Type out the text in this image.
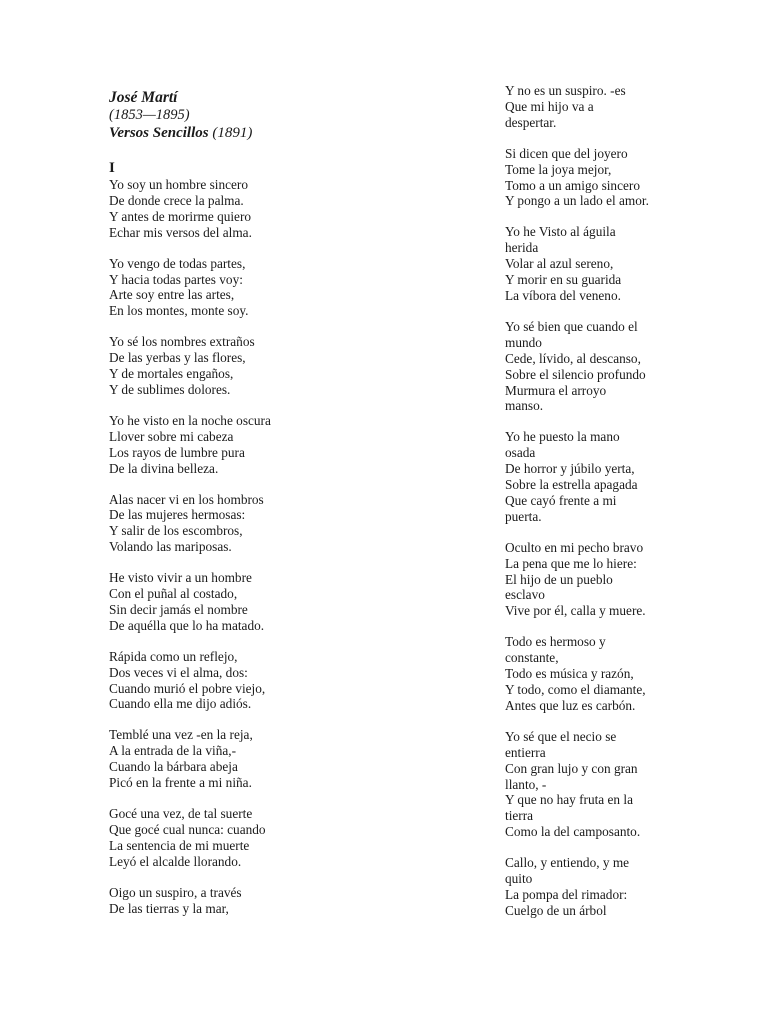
José Martí
(1853—1895)
Versos Sencillos (1891)
I
Yo soy un hombre sincero
De donde crece la palma.
Y antes de morirme quiero
Echar mis versos del alma.
Yo vengo de todas partes,
Y hacia todas partes voy:
Arte soy entre las artes,
En los montes, monte soy.
Yo sé los nombres extraños
De las yerbas y las flores,
Y de mortales engaños,
Y de sublimes dolores.
Yo he visto en la noche oscura
Llover sobre mi cabeza
Los rayos de lumbre pura
De la divina belleza.
Alas nacer vi en los hombros
De las mujeres hermosas:
Y salir de los escombros,
Volando las mariposas.
He visto vivir a un hombre
Con el puñal al costado,
Sin decir jamás el nombre
De aquélla que lo ha matado.
Rápida como un reflejo,
Dos veces vi el alma, dos:
Cuando murió el pobre viejo,
Cuando ella me dijo adiós.
Temblé una vez -en la reja,
A la entrada de la viña,-
Cuando la bárbara abeja
Picó en la frente a mi niña.
Gocé una vez, de tal suerte
Que gocé cual nunca: cuando
La sentencia de mi muerte
Leyó el alcalde llorando.
Oigo un suspiro, a través
De las tierras y la mar,
Y no es un suspiro. -es
Que mi hijo va a
despertar.
Si dicen que del joyero
Tome la joya mejor,
Tomo a un amigo sincero
Y pongo a un lado el amor.
Yo he Visto al águila
herida
Volar al azul sereno,
Y morir en su guarida
La víbora del veneno.
Yo sé bien que cuando el
mundo
Cede, lívido, al descanso,
Sobre el silencio profundo
Murmura el arroyo
manso.
Yo he puesto la mano
osada
De horror y júbilo yerta,
Sobre la estrella apagada
Que cayó frente a mi
puerta.
Oculto en mi pecho bravo
La pena que me lo hiere:
El hijo de un pueblo
esclavo
Vive por él, calla y muere.
Todo es hermoso y
constante,
Todo es música y razón,
Y todo, como el diamante,
Antes que luz es carbón.
Yo sé que el necio se
entierra
Con gran lujo y con gran
llanto, -
Y que no hay fruta en la
tierra
Como la del camposanto.
Callo, y entiendo, y me
quito
La pompa del rimador:
Cuelgo de un árbol
